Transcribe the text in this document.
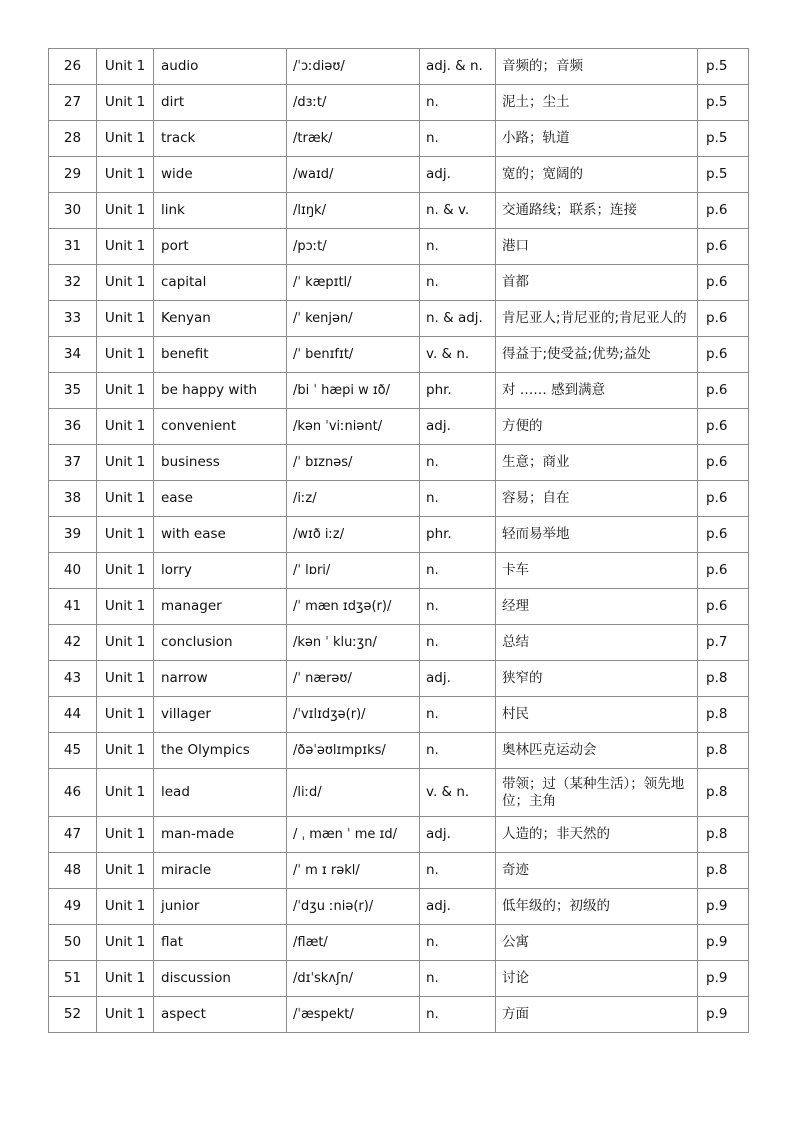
26	Unit 1	audio	/ˈɔːdiəʊ/	adj. & n.	音频的；音频	p.5
27	Unit 1	dirt	/dɜːt/	n.	泥土；尘土	p.5
28	Unit 1	track	/træk/	n.	小路；轨道	p.5
29	Unit 1	wide	/waɪd/	adj.	宽的；宽阔的	p.5
30	Unit 1	link	/lɪŋk/	n. & v.	交通路线；联系；连接	p.6
31	Unit 1	port	/pɔːt/	n.	港口	p.6
32	Unit 1	capital	/ˈ kæpɪtl/	n.	首都	p.6
33	Unit 1	Kenyan	/ˈ kenjən/	n. & adj.	肯尼亚人;肯尼亚的;肯尼亚人的	p.6
34	Unit 1	benefit	/ˈ benɪfɪt/	v. & n.	得益于;使受益;优势;益处	p.6
35	Unit 1	be happy with	/bi ˈ hæpi w ɪð/	phr.	对 …… 感到满意	p.6
36	Unit 1	convenient	/kən ˈviːniənt/	adj.	方便的	p.6
37	Unit 1	business	/ˈ bɪznəs/	n.	生意；商业	p.6
38	Unit 1	ease	/iːz/	n.	容易；自在	p.6
39	Unit 1	with ease	/wɪð iːz/	phr.	轻而易举地	p.6
40	Unit 1	lorry	/ˈ lɒri/	n.	卡车	p.6
41	Unit 1	manager	/ˈ mæn ɪdʒə(r)/	n.	经理	p.6
42	Unit 1	conclusion	/kən ˈ kluːʒn/	n.	总结	p.7
43	Unit 1	narrow	/ˈ nærəʊ/	adj.	狭窄的	p.8
44	Unit 1	villager	/ˈvɪlɪdʒə(r)/	n.	村民	p.8
45	Unit 1	the Olympics	/ðəˈəʊlɪmpɪks/	n.	奥林匹克运动会	p.8
46	Unit 1	lead	/liːd/	v. & n.	带领；过（某种生活）；领先地位；主角	p.8
47	Unit 1	man-made	/ ˌ mæn ˈ me ɪd/	adj.	人造的；非天然的	p.8
48	Unit 1	miracle	/ˈ m ɪ rəkl/	n.	奇迹	p.8
49	Unit 1	junior	/ˈdʒu ːniə(r)/	adj.	低年级的；初级的	p.9
50	Unit 1	flat	/flæt/	n.	公寓	p.9
51	Unit 1	discussion	/dɪˈskʌʃn/	n.	讨论	p.9
52	Unit 1	aspect	/ˈæspekt/	n.	方面	p.9
